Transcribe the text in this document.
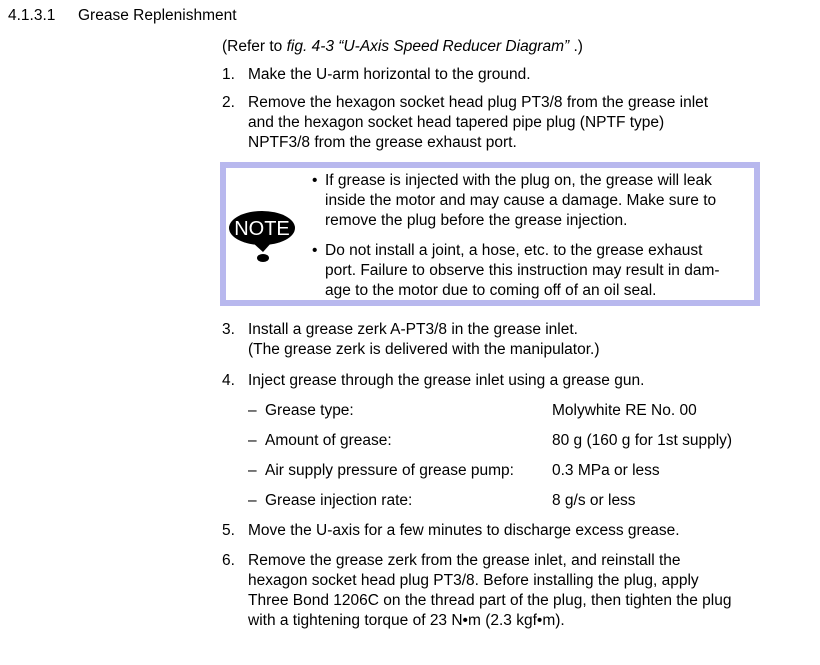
4.1.3.1 Grease Replenishment
(Refer to fig. 4-3 “U-Axis Speed Reducer Diagram” .)
1. Make the U-arm horizontal to the ground.
2. Remove the hexagon socket head plug PT3/8 from the grease inlet
and the hexagon socket head tapered pipe plug (NPTF type)
NPTF3/8 from the grease exhaust port.
NOTE
• If grease is injected with the plug on, the grease will leak
inside the motor and may cause a damage. Make sure to
remove the plug before the grease injection.
• Do not install a joint, a hose, etc. to the grease exhaust
port. Failure to observe this instruction may result in dam-
age to the motor due to coming off of an oil seal.
3. Install a grease zerk A-PT3/8 in the grease inlet.
(The grease zerk is delivered with the manipulator.)
4. Inject grease through the grease inlet using a grease gun.
– Grease type:	Molywhite RE No. 00
– Amount of grease:	80 g (160 g for 1st supply)
– Air supply pressure of grease pump: 0.3 MPa or less
– Grease injection rate:	8 g/s or less
5. Move the U-axis for a few minutes to discharge excess grease.
6. Remove the grease zerk from the grease inlet, and reinstall the
hexagon socket head plug PT3/8. Before installing the plug, apply
Three Bond 1206C on the thread part of the plug, then tighten the plug
with a tightening torque of 23 N•m (2.3 kgf•m).
